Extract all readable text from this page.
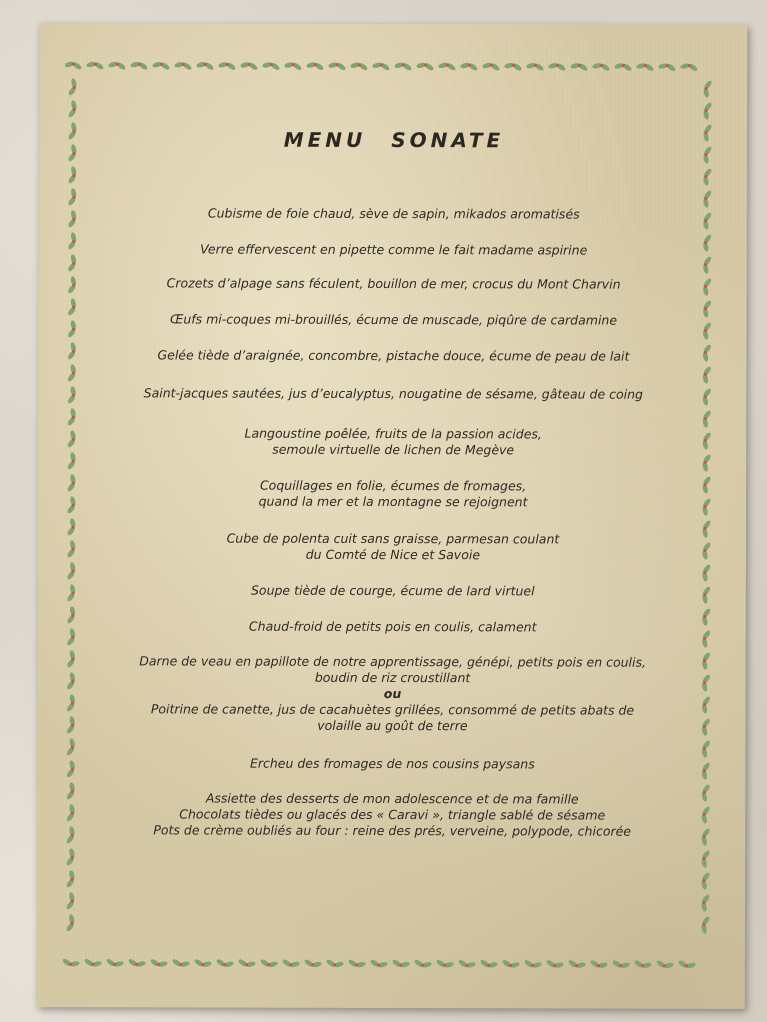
MENU SONATE
Cubisme de foie chaud, sève de sapin, mikados aromatisés
Verre effervescent en pipette comme le fait madame aspirine
Crozets d’alpage sans féculent, bouillon de mer, crocus du Mont Charvin
Œufs mi-coques mi-brouillés, écume de muscade, piqûre de cardamine
Gelée tiède d’araignée, concombre, pistache douce, écume de peau de lait
Saint-jacques sautées, jus d’eucalyptus, nougatine de sésame, gâteau de coing
Langoustine poêlée, fruits de la passion acides,
semoule virtuelle de lichen de Megève
Coquillages en folie, écumes de fromages,
quand la mer et la montagne se rejoignent
Cube de polenta cuit sans graisse, parmesan coulant
du Comté de Nice et Savoie
Soupe tiède de courge, écume de lard virtuel
Chaud-froid de petits pois en coulis, calament
Darne de veau en papillote de notre apprentissage, génépi, petits pois en coulis,
boudin de riz croustillant
ou
Poitrine de canette, jus de cacahuètes grillées, consommé de petits abats de
volaille au goût de terre
Ercheu des fromages de nos cousins paysans
Assiette des desserts de mon adolescence et de ma famille
Chocolats tièdes ou glacés des « Caravi », triangle sablé de sésame
Pots de crème oubliés au four : reine des prés, verveine, polypode, chicorée
